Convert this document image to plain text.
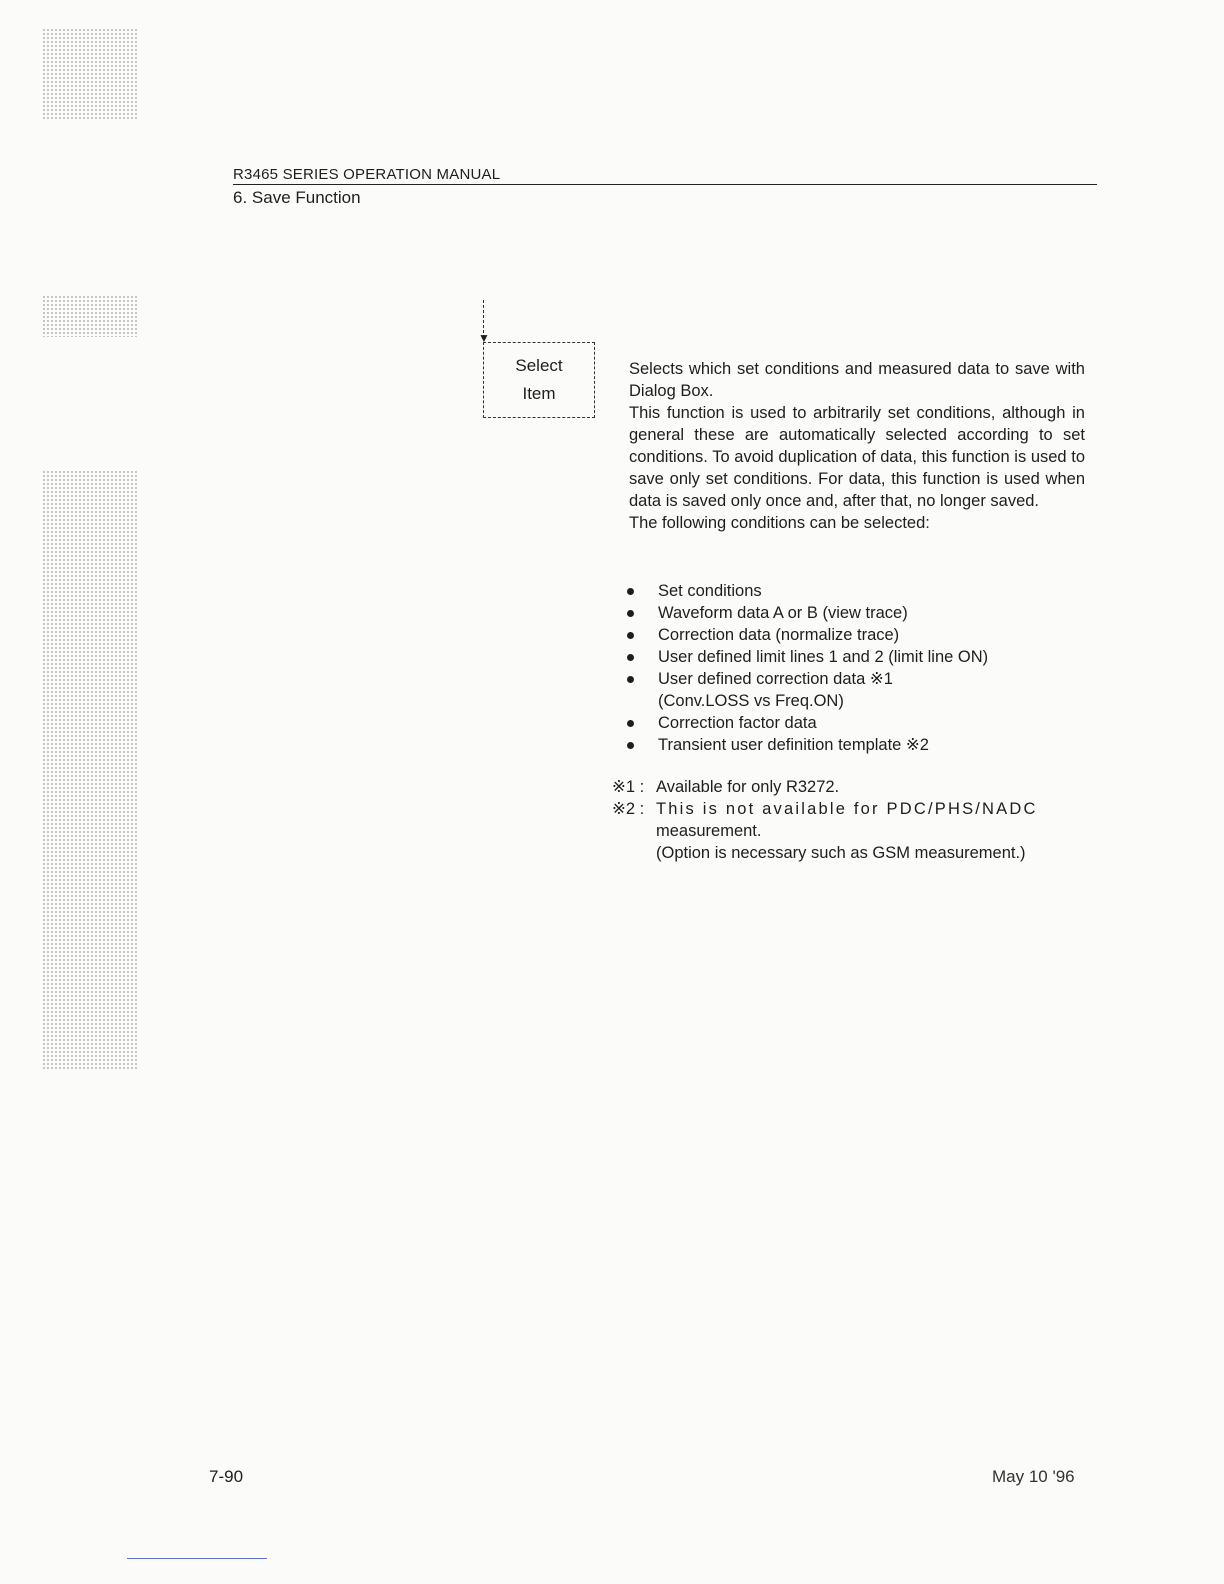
R3465 SERIES OPERATION MANUAL
6. Save Function
▼
Select
Item

Selects which set conditions and measured data to save with Dialog Box.

This function is used to arbitrarily set conditions, although in general these are automatically selected according to set conditions. To avoid duplication of data, this function is used to save only set conditions. For data, this function is used when data is saved only once and, after that, no longer saved.

The following conditions can be selected:

Set conditions
Waveform data A or B (view trace)
Correction data (normalize trace)
User defined limit lines 1 and 2 (limit line ON)
User defined correction data ※1
(Conv.LOSS vs Freq.ON)
Correction factor data
Transient user definition template ※2
※1 : Available for only R3272.
※2 : This is not available for PDC/PHS/NADC
measurement.
(Option is necessary such as GSM measurement.)
7-90	May 10 '96
